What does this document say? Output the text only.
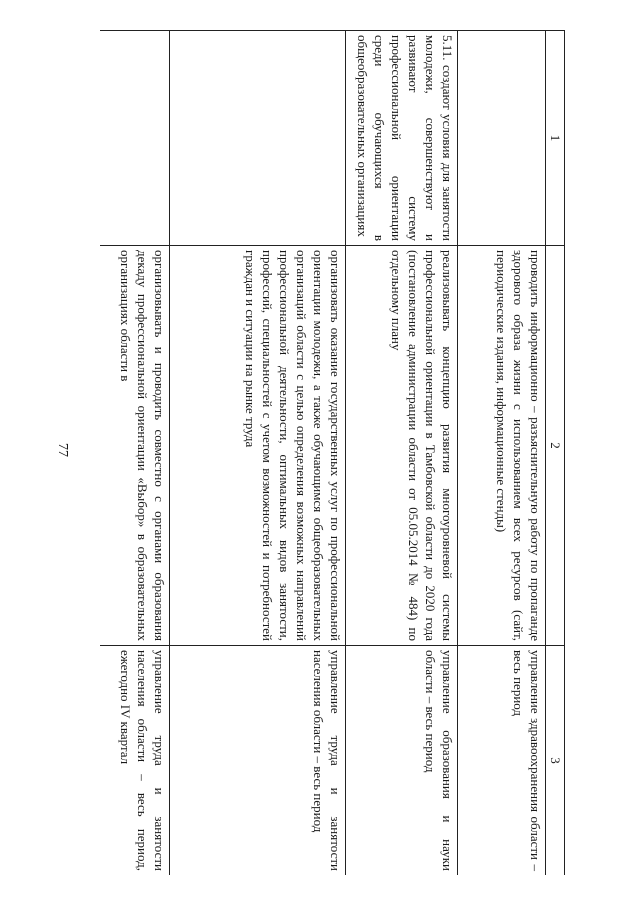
77
1	2	3
	проводить информационно – разъяснительную работу по пропаганде здорового образа жизни с использованием всех ресурсов (сайт, периодические издания, информационные стенды)	управление здравоохранения области – весь период
5.11. создают условия для занятости молодежи, совершенствуют и развивают систему профессиональной ориентации среди обучающихся в общеобразовательных организациях	реализовывать концепцию развития многоуровневой системы профессиональной ориентации в Тамбовской области до 2020 года (постановление администрации области от 05.05.2014 № 484) по отдельному плану	управление образования и науки области – весь период
	организовать оказание государственных услуг по профессиональной ориентации молодежи, а также обучающимся общеобразовательных организаций области с целью определения возможных направлений профессиональной деятельности, оптимальных видов занятости, профессий, специальностей с учетом возможностей и потребностей граждан и ситуации на рынке труда	управление труда и занятости населения области – весь период
	организовывать и проводить совместно с органами образования декаду профессиональной ориентации «Выбор» в образовательных организациях области в	управление труда и занятости населения области – весь период, ежегодно IV квартал
